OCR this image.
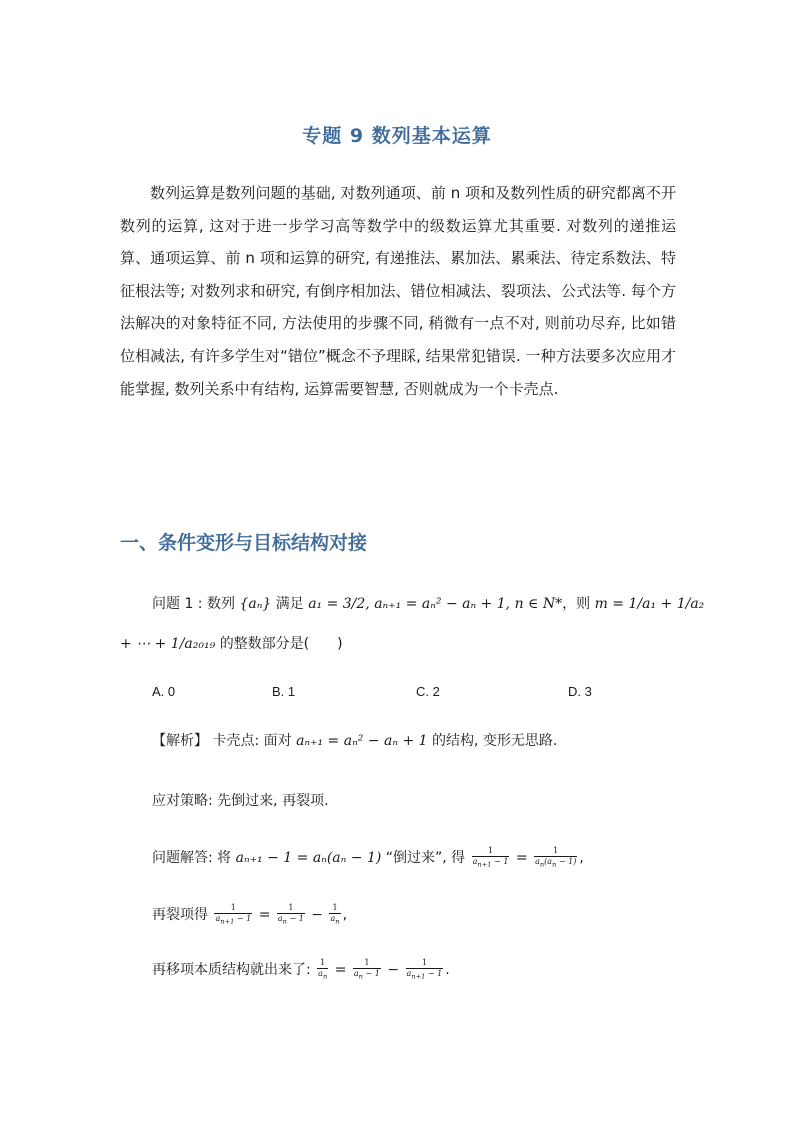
专题 9 数列基本运算
数列运算是数列问题的基础, 对数列通项、前 n 项和及数列性质的研究都离不开数列的运算, 这对于进一步学习高等数学中的级数运算尤其重要. 对数列的递推运算、通项运算、前 n 项和运算的研究, 有递推法、累加法、累乘法、待定系数法、特征根法等; 对数列求和研究, 有倒序相加法、错位相减法、裂项法、公式法等. 每个方法解决的对象特征不同, 方法使用的步骤不同, 稍微有一点不对, 则前功尽弃, 比如错位相减法, 有许多学生对“错位”概念不予理睬, 结果常犯错误. 一种方法要多次应用才能掌握, 数列关系中有结构, 运算需要智慧, 否则就成为一个卡壳点.
一、条件变形与目标结构对接
问题 1 : 数列 {aₙ} 满足 a₁ = 3/2, aₙ₊₁ = aₙ² − aₙ + 1, n ∈ N*，则 m = 1/a₁ + 1/a₂
+ ⋯ + 1/a₂₀₁₉ 的整数部分是(　　)
A. 0	B. 1	C. 2	D. 3
【解析】 卡壳点: 面对 aₙ₊₁ = aₙ² − aₙ + 1 的结构, 变形无思路.
应对策略: 先倒过来, 再裂项.
问题解答: 将 aₙ₊₁ − 1 = aₙ(aₙ − 1) “倒过来”, 得 $\frac{1}{a_{n+1} - 1} = \frac{1}{a_n(a_n - 1)}$ ,
再裂项得 $\frac{1}{a_{n+1} - 1} = \frac{1}{a_n - 1} - \frac{1}{a_n}$ ,
再移项本质结构就出来了: $\frac{1}{a_n} = \frac{1}{a_n - 1} - \frac{1}{a_{n+1} - 1}$ .
